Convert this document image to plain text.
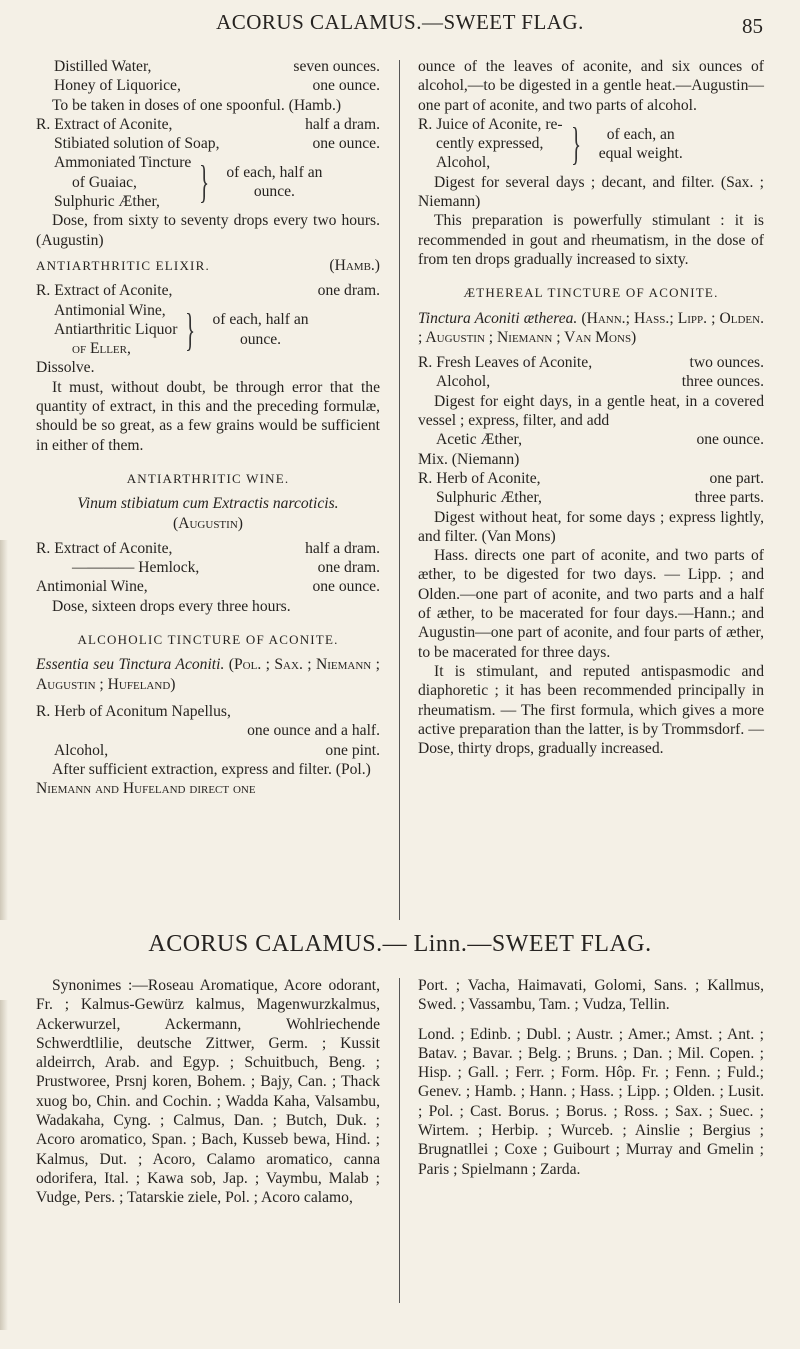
ACORUS CALAMUS.—SWEET FLAG.	85
Distilled Water,	seven ounces.
Honey of Liquorice,	one ounce.

To be taken in doses of one spoonful. (Hamb.)

R. Extract of Aconite,	half a dram.
Stibiated solution of Soap,	one ounce.
Ammoniated Tincture
of Guaiac,
Sulphuric Æther, }	of each, half an ounce.

Dose, from sixty to seventy drops every two hours. (Augustin)

ANTIARTHRITIC ELIXIR.	(Hamb.)
R. Extract of Aconite,	one dram.
Antimonial Wine,
Antiarthritic Liquor
of Eller,	}	of each, half an ounce.

Dissolve.

It must, without doubt, be through error that the quantity of extract, in this and the preceding formulæ, should be so great, as a few grains would be sufficient in either of them.

ANTIARTHRITIC WINE.

Vinum stibiatum cum Extractis narcoticis.

(Augustin)

R. Extract of Aconite,	half a dram.
———— Hemlock,	one dram.
Antimonial Wine,	one ounce.

Dose, sixteen drops every three hours.

ALCOHOLIC TINCTURE OF ACONITE.

Essentia seu Tinctura Aconiti. (Pol. ; Sax. ; Niemann ; Augustin ; Hufeland)

R. Herb of Aconitum Napellus,
one ounce and a half.
Alcohol,	one pint.

After sufficient extraction, express and filter. (Pol.)

Niemann and Hufeland direct one

ounce of the leaves of aconite, and six ounces of alcohol,—to be digested in a gentle heat.—Augustin—one part of aconite, and two parts of alcohol.

R. Juice of Aconite, re-
cently expressed,
Alcohol,	}	of each, an equal weight.

Digest for several days ; decant, and filter. (Sax. ; Niemann)

This preparation is powerfully stimulant : it is recommended in gout and rheumatism, in the dose of from ten drops gradually increased to sixty.

ÆTHEREAL TINCTURE OF ACONITE.

Tinctura Aconiti ætherea. (Hann.; Hass.; Lipp. ; Olden. ; Augustin ; Niemann ; Van Mons)

R. Fresh Leaves of Aconite,	two ounces.
Alcohol,	three ounces.

Digest for eight days, in a gentle heat, in a covered vessel ; express, filter, and add

Acetic Æther,	one ounce.

Mix. (Niemann)

R. Herb of Aconite,	one part.
Sulphuric Æther,	three parts.

Digest without heat, for some days ; express lightly, and filter. (Van Mons)

Hass. directs one part of aconite, and two parts of æther, to be digested for two days. — Lipp. ; and Olden.—one part of aconite, and two parts and a half of æther, to be macerated for four days.—Hann.; and Augustin—one part of aconite, and four parts of æther, to be macerated for three days.

It is stimulant, and reputed antispasmodic and diaphoretic ; it has been recommended principally in rheumatism. — The first formula, which gives a more active preparation than the latter, is by Trommsdorf. —Dose, thirty drops, gradually increased.

ACORUS CALAMUS.— Linn.—SWEET FLAG.

Synonimes :—Roseau Aromatique, Acore odorant, Fr. ; Kalmus-Gewürz kalmus, Magenwurzkalmus, Ackerwurzel, Ackermann, Wohlriechende Schwerdtlilie, deutsche Zittwer, Germ. ; Kussit aldeirrch, Arab. and Egyp. ; Schuitbuch, Beng. ; Prustworee, Prsnj koren, Bohem. ; Bajy, Can. ; Thack xuog bo, Chin. and Cochin. ; Wadda Kaha, Valsambu, Wadakaha, Cyng. ; Calmus, Dan. ; Butch, Duk. ; Acoro aromatico, Span. ; Bach, Kusseb bewa, Hind. ; Kalmus, Dut. ; Acoro, Calamo aromatico, canna odorifera, Ital. ; Kawa sob, Jap. ; Vaymbu, Malab ; Vudge, Pers. ; Tatarskie ziele, Pol. ; Acoro calamo,

Port. ; Vacha, Haimavati, Golomi, Sans. ; Kallmus, Swed. ; Vassambu, Tam. ; Vudza, Tellin.

Lond. ; Edinb. ; Dubl. ; Austr. ; Amer.; Amst. ; Ant. ; Batav. ; Bavar. ; Belg. ; Bruns. ; Dan. ; Mil. Copen. ; Hisp. ; Gall. ; Ferr. ; Form. Hôp. Fr. ; Fenn. ; Fuld.; Genev. ; Hamb. ; Hann. ; Hass. ; Lipp. ; Olden. ; Lusit. ; Pol. ; Cast. Borus. ; Borus. ; Ross. ; Sax. ; Suec. ; Wirtem. ; Herbip. ; Wurceb. ; Ainslie ; Bergius ; Brugnatllei ; Coxe ; Guibourt ; Murray and Gmelin ; Paris ; Spielmann ; Zarda.
